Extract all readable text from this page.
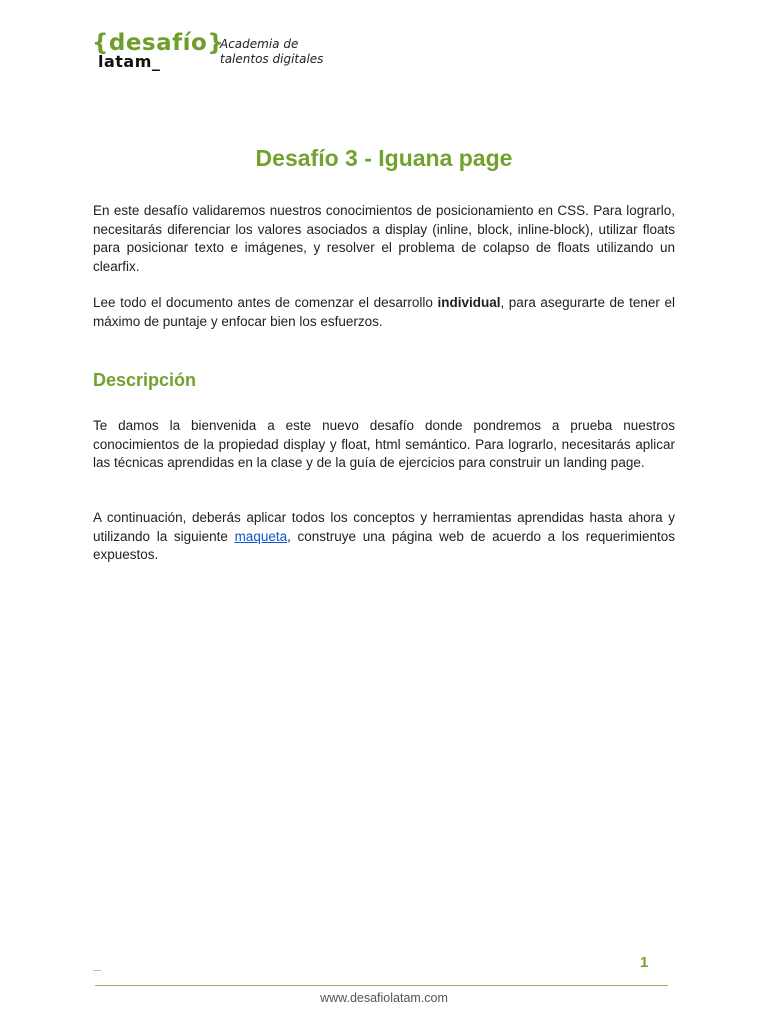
{desafío}
latam_
Academia de
talentos digitales
Desafío 3 - Iguana page

En este desafío validaremos nuestros conocimientos de posicionamiento en CSS. Para lograrlo, necesitarás diferenciar los valores asociados a display (inline, block, inline-block), utilizar floats para posicionar texto e imágenes, y resolver el problema de colapso de floats utilizando un clearfix.

Lee todo el documento antes de comenzar el desarrollo individual, para asegurarte de tener el máximo de puntaje y enfocar bien los esfuerzos.

Descripción

Te damos la bienvenida a este nuevo desafío donde pondremos a prueba nuestros conocimientos de la propiedad display y float, html semántico. Para lograrlo, necesitarás aplicar las técnicas aprendidas en la clase y de la guía de ejercicios para construir un landing page.

A continuación, deberás aplicar todos los conceptos y herramientas aprendidas hasta ahora y utilizando la siguiente maqueta, construye una página web de acuerdo a los requerimientos expuestos.

_	1
www.desafiolatam.com
